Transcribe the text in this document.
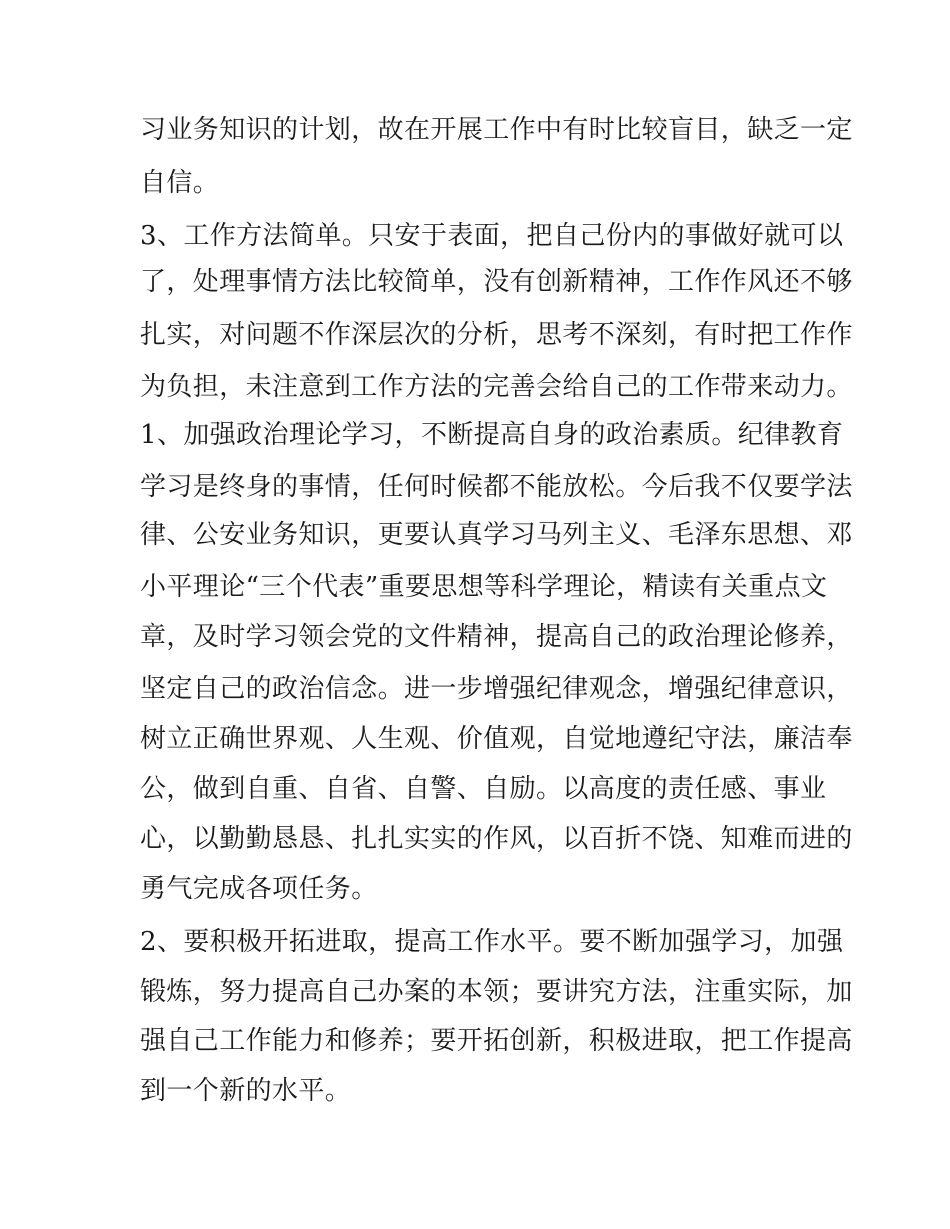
习业务知识的计划，故在开展工作中有时比较盲目，缺乏一定

自信。

3、工作方法简单。只安于表面，把自己份内的事做好就可以

了，处理事情方法比较简单，没有创新精神，工作作风还不够

扎实，对问题不作深层次的分析，思考不深刻，有时把工作作

为负担，未注意到工作方法的完善会给自己的工作带来动力。

1、加强政治理论学习，不断提高自身的政治素质。纪律教育

学习是终身的事情，任何时候都不能放松。今后我不仅要学法

律、公安业务知识，更要认真学习马列主义、毛泽东思想、邓

小平理论“三个代表”重要思想等科学理论，精读有关重点文

章，及时学习领会党的文件精神，提高自己的政治理论修养，

坚定自己的政治信念。进一步增强纪律观念，增强纪律意识，

树立正确世界观、人生观、价值观，自觉地遵纪守法，廉洁奉

公，做到自重、自省、自警、自励。以高度的责任感、事业

心，以勤勤恳恳、扎扎实实的作风，以百折不饶、知难而进的

勇气完成各项任务。

2、要积极开拓进取，提高工作水平。要不断加强学习，加强

锻炼，努力提高自己办案的本领；要讲究方法，注重实际，加

强自己工作能力和修养；要开拓创新，积极进取，把工作提高

到一个新的水平。
